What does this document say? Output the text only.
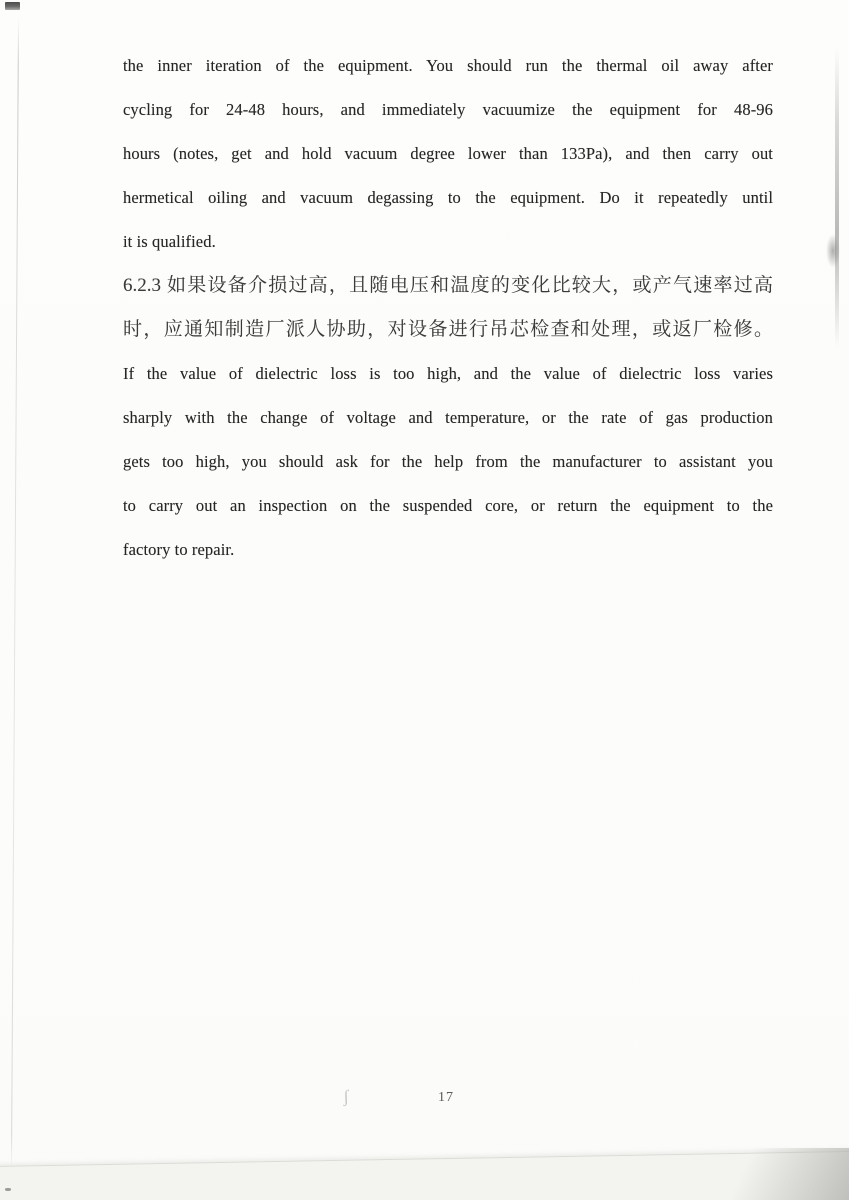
ʃ

the inner iteration of the equipment. You should run the thermal oil away after

cycling for 24-48 hours, and immediately vacuumize the equipment for 48-96

hours (notes, get and hold vacuum degree lower than 133Pa), and then carry out

hermetical oiling and vacuum degassing to the equipment. Do it repeatedly until

it is qualified.

6.2.3 如果设备介损过高，且随电压和温度的变化比较大，或产气速率过高

时，应通知制造厂派人协助，对设备进行吊芯检查和处理，或返厂检修。

If the value of dielectric loss is too high, and the value of dielectric loss varies

sharply with the change of voltage and temperature, or the rate of gas production

gets too high, you should ask for the help from the manufacturer to assistant you

to carry out an inspection on the suspended core, or return the equipment to the

factory to repair.

17
